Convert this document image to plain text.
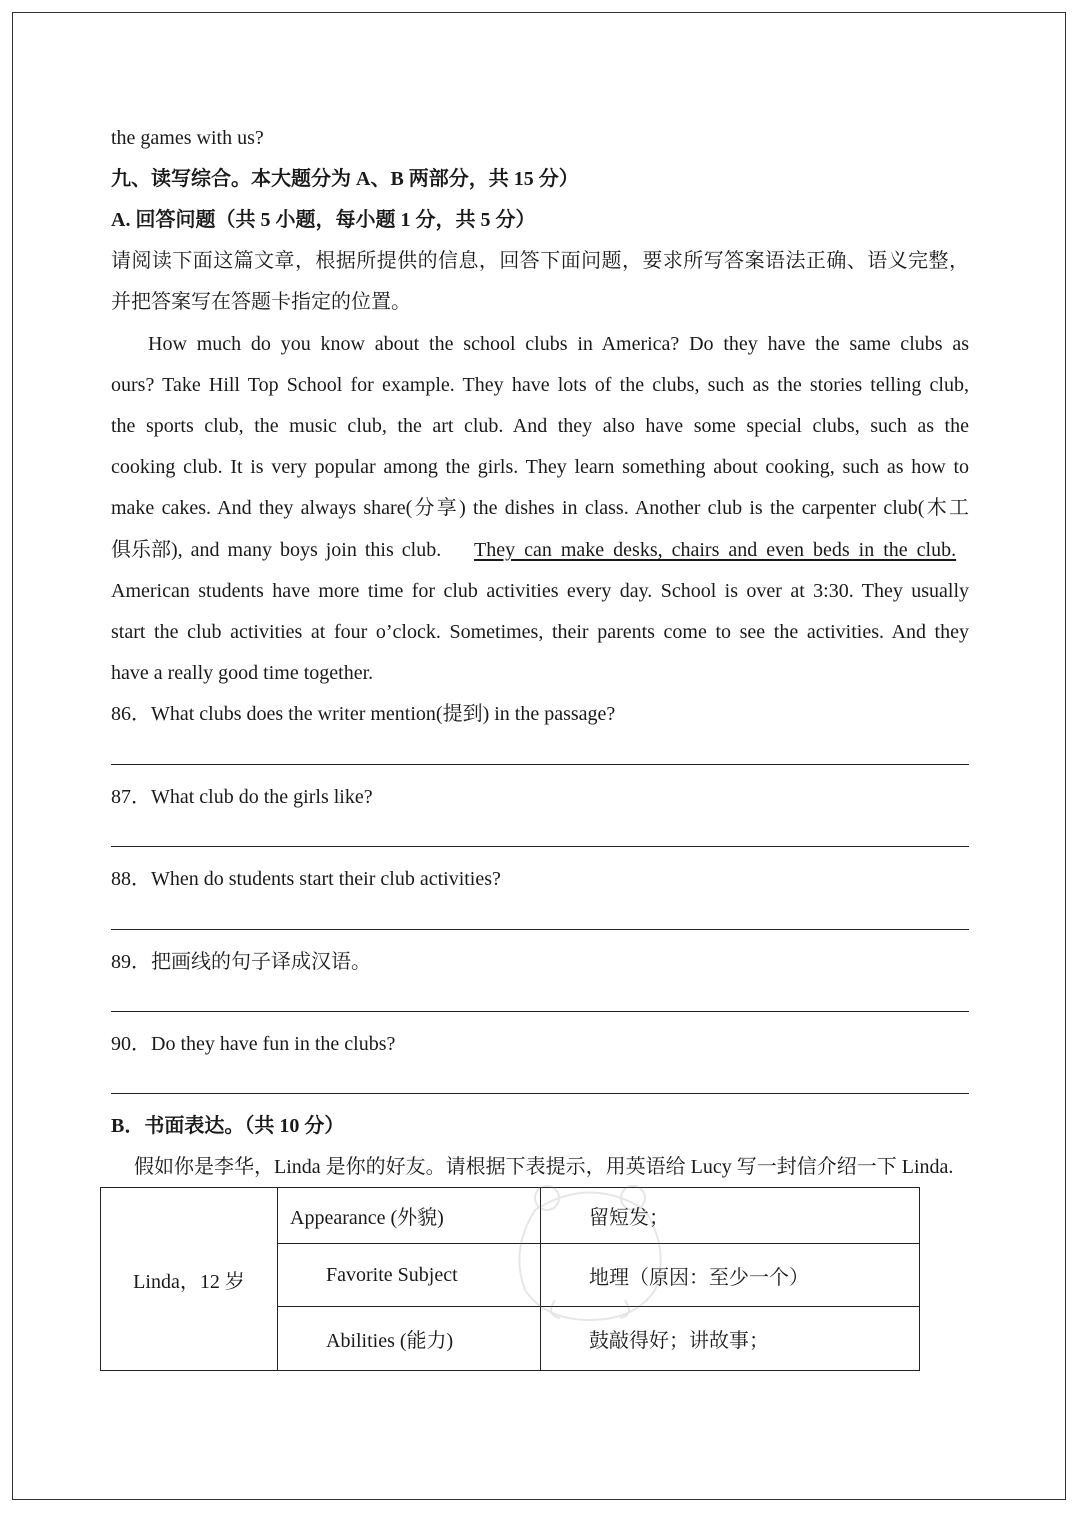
the games with us?
九、读写综合。本大题分为 A、B 两部分，共 15 分）
A. 回答问题（共 5 小题，每小题 1 分，共 5 分）
请阅读下面这篇文章，根据所提供的信息，回答下面问题，要求所写答案语法正确、语义完整，
并把答案写在答题卡指定的位置。
How much do you know about the school clubs in America? Do they have the same clubs as
ours? Take Hill Top School for example. They have lots of the clubs, such as the stories telling club,
the sports club, the music club, the art club. And they also have some special clubs, such as the
cooking club. It is very popular among the girls. They learn something about cooking, such as how to
make cakes. And they always share(分享) the dishes in class. Another club is the carpenter club(木工
俱乐部), and many boys join this club. They can make desks, chairs and even beds in the club.
American students have more time for club activities every day. School is over at 3:30. They usually
start the club activities at four o’clock. Sometimes, their parents come to see the activities. And they
have a really good time together.
86．What clubs does the writer mention(提到) in the passage?
87．What club do the girls like?
88．When do students start their club activities?
89．把画线的句子译成汉语。
90．Do they have fun in the clubs?
B．书面表达。（共 10 分）
假如你是李华，Linda 是你的好友。请根据下表提示，用英语给 Lucy 写一封信介绍一下 Linda.
Linda，12 岁	Appearance (外貌)	留短发；
	Favorite Subject	地理（原因：至少一个）
	Abilities (能力)	鼓敲得好；讲故事；
